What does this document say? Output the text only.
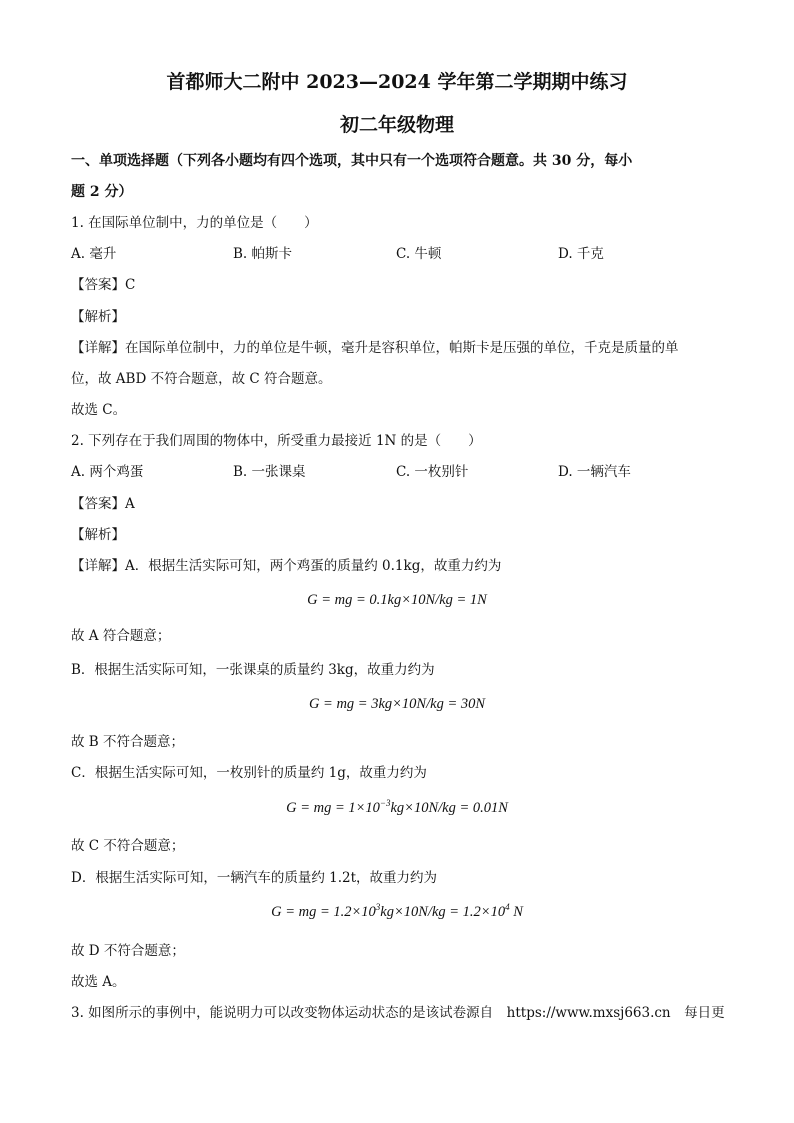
首都师大二附中 2023—2024 学年第二学期期中练习
初二年级物理
一、单项选择题（下列各小题均有四个选项，其中只有一个选项符合题意。共 30 分，每小
题 2 分）
1. 在国际单位制中，力的单位是（　　）
A. 毫升	B. 帕斯卡	C. 牛顿	D. 千克
【答案】C
【解析】
【详解】在国际单位制中，力的单位是牛顿，毫升是容积单位，帕斯卡是压强的单位，千克是质量的单
位，故 ABD 不符合题意，故 C 符合题意。
故选 C。
2. 下列存在于我们周围的物体中，所受重力最接近 1N 的是（　　）
A. 两个鸡蛋	B. 一张课桌	C. 一枚别针	D. 一辆汽车
【答案】A
【解析】
【详解】A．根据生活实际可知，两个鸡蛋的质量约 0.1kg，故重力约为
G = mg = 0.1kg×10N/kg = 1N
故 A 符合题意；
B．根据生活实际可知，一张课桌的质量约 3kg，故重力约为
G = mg = 3kg×10N/kg = 30N
故 B 不符合题意；
C．根据生活实际可知，一枚别针的质量约 1g，故重力约为
G = mg = $1\times 10^{-3}kg\times 10N/kg = 0.01N$
故 C 不符合题意；
D．根据生活实际可知，一辆汽车的质量约 1.2t，故重力约为
G = mg = $1.2\times 10^3kg\times 10N/kg = 1.2\times 10^4$ N
故 D 不符合题意；
故选 A。
3. 如图所示的事例中，能说明力可以改变物体运动状态的是该试卷源自　https://www.mxsj663.cn　每日更
